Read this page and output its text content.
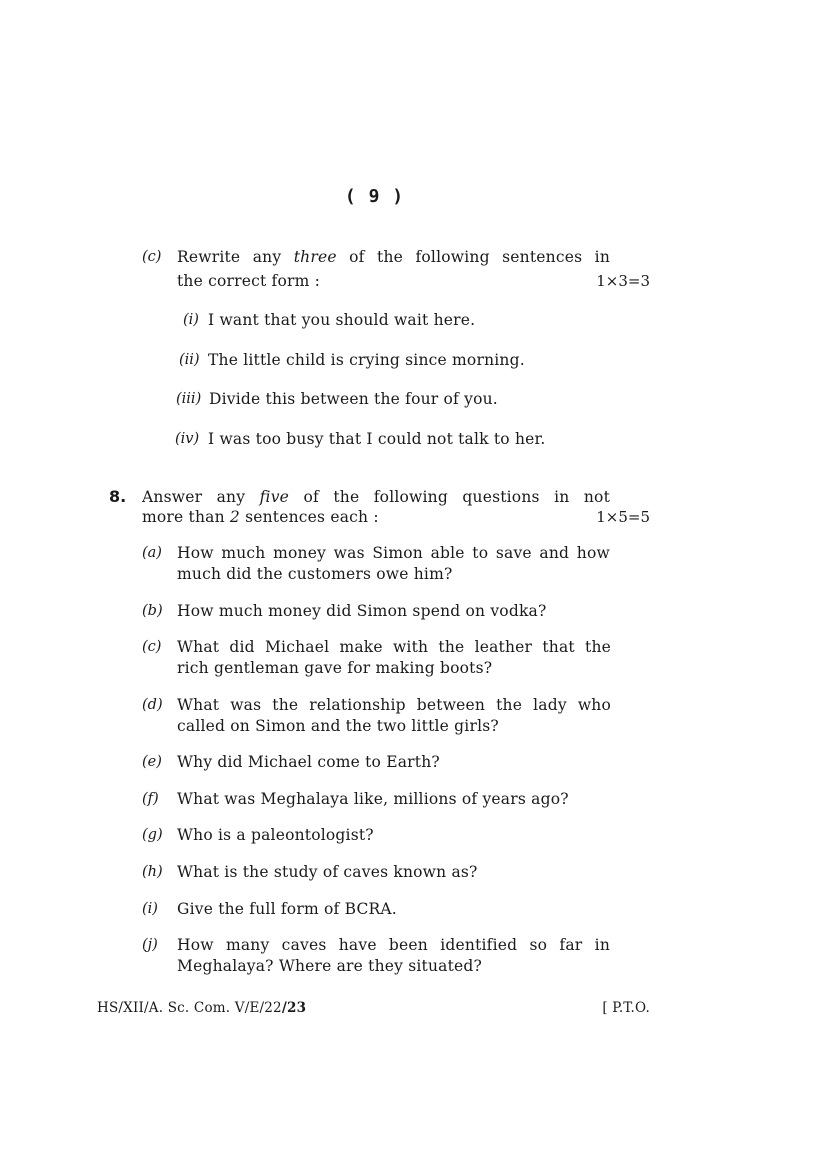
( 9 )
(c) Rewrite any three of the following sentences in
the correct form :	1×3=3
(i) I want that you should wait here.
(ii) The little child is crying since morning.
(iii) Divide this between the four of you.
(iv) I was too busy that I could not talk to her.
8. Answer any five of the following questions in not
more than 2 sentences each :	1×5=5
(a) How much money was Simon able to save and how
much did the customers owe him?
(b) How much money did Simon spend on vodka?
(c) What did Michael make with the leather that the
rich gentleman gave for making boots?
(d) What was the relationship between the lady who
called on Simon and the two little girls?
(e) Why did Michael come to Earth?
(f) What was Meghalaya like, millions of years ago?
(g) Who is a paleontologist?
(h) What is the study of caves known as?
(i) Give the full form of BCRA.
(j) How many caves have been identified so far in
Meghalaya? Where are they situated?
HS/XII/A. Sc. Com. V/E/22/23	[ P.T.O.
